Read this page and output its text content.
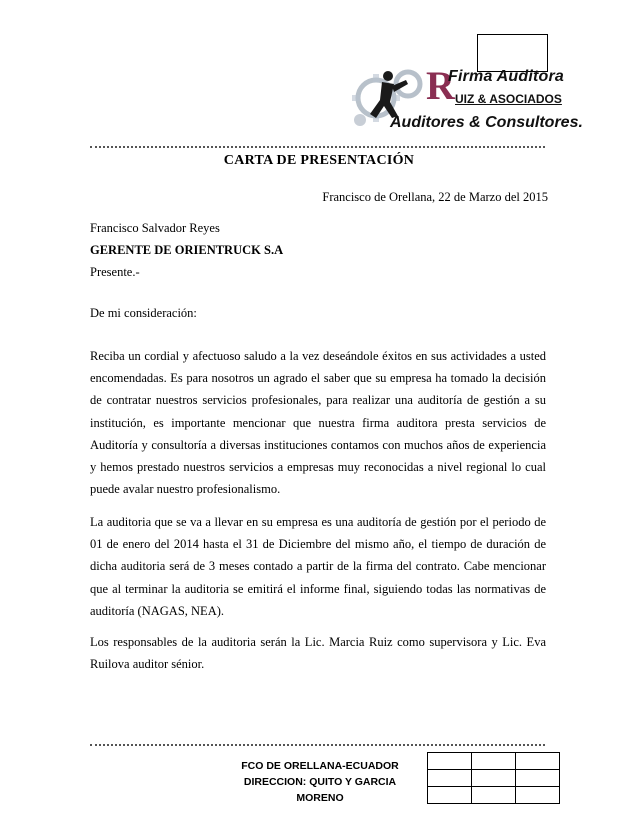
R
Firma Auditora
UIZ & ASOCIADOS
Auditores & Consultores.
CARTA DE PRESENTACIÓN
Francisco de Orellana, 22 de Marzo del 2015
Francisco Salvador Reyes
GERENTE DE ORIENTRUCK S.A
Presente.-
De mi consideración:

Reciba un cordial y afectuoso saludo a la vez deseándole éxitos en sus actividades a usted encomendadas. Es para nosotros un agrado el saber que su empresa ha tomado la decisión de contratar nuestros servicios profesionales, para realizar una auditoría de gestión a su institución, es importante mencionar que nuestra firma auditora presta servicios de Auditoría y consultoría a diversas instituciones contamos con muchos años de experiencia y hemos prestado nuestros servicios a empresas muy reconocidas a nivel regional lo cual puede avalar nuestro profesionalismo.

La auditoria que se va a llevar en su empresa es una auditoría de gestión por el periodo de 01 de enero del 2014 hasta el 31 de Diciembre del mismo año, el tiempo de duración de dicha auditoria será de 3 meses contado a partir de la firma del contrato. Cabe mencionar que al terminar la auditoria se emitirá el informe final, siguiendo todas las normativas de auditoría (NAGAS, NEA).

Los responsables de la auditoria serán la Lic. Marcia Ruiz como supervisora y Lic. Eva Ruilova auditor sénior.

FCO DE ORELLANA-ECUADOR
DIRECCION: QUITO Y GARCIA MORENO
